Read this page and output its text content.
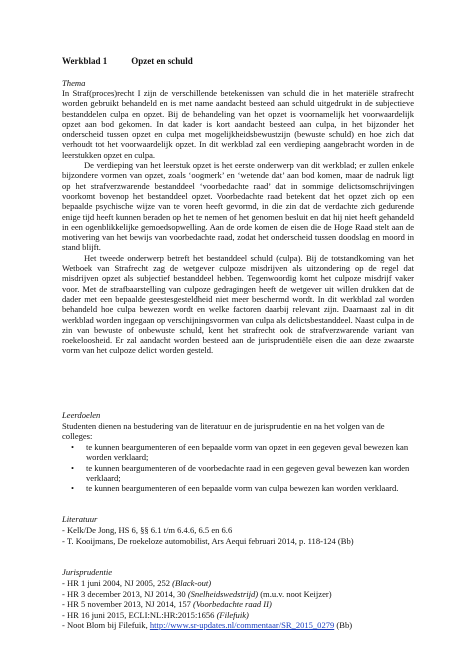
Werkblad 1	Opzet en schuld
Thema

In Straf(proces)recht I zijn de verschillende betekenissen van schuld die in het materiële strafrecht worden gebruikt behandeld en is met name aandacht besteed aan schuld uitgedrukt in de subjectieve bestanddelen culpa en opzet. Bij de behandeling van het opzet is voornamelijk het voorwaardelijk opzet aan bod gekomen. In dat kader is kort aandacht besteed aan culpa, in het bijzonder het onderscheid tussen opzet en culpa met mogelijkheidsbewustzijn (bewuste schuld) en hoe zich dat verhoudt tot het voorwaardelijk opzet. In dit werkblad zal een verdieping aangebracht worden in de leerstukken opzet en culpa.

De verdieping van het leerstuk opzet is het eerste onderwerp van dit werkblad; er zullen enkele bijzondere vormen van opzet, zoals ‘oogmerk’ en ‘wetende dat’ aan bod komen, maar de nadruk ligt op het strafverzwarende bestanddeel ‘voorbedachte raad’ dat in sommige delictsomschrijvingen voorkomt bovenop het bestanddeel opzet. Voorbedachte raad betekent dat het opzet zich op een bepaalde psychische wijze van te voren heeft gevormd, in die zin dat de verdachte zich gedurende enige tijd heeft kunnen beraden op het te nemen of het genomen besluit en dat hij niet heeft gehandeld in een ogenblikkelijke gemoedsopwelling. Aan de orde komen de eisen die de Hoge Raad stelt aan de motivering van het bewijs van voorbedachte raad, zodat het onderscheid tussen doodslag en moord in stand blijft.

Het tweede onderwerp betreft het bestanddeel schuld (culpa). Bij de totstandkoming van het Wetboek van Strafrecht zag de wetgever culpoze misdrijven als uitzondering op de regel dat misdrijven opzet als subjectief bestanddeel hebben. Tegenwoordig komt het culpoze misdrijf vaker voor. Met de strafbaarstelling van culpoze gedragingen heeft de wetgever uit willen drukken dat de dader met een bepaalde geestesgesteldheid niet meer beschermd wordt. In dit werkblad zal worden behandeld hoe culpa bewezen wordt en welke factoren daarbij relevant zijn. Daarnaast zal in dit werkblad worden ingegaan op verschijningsvormen van culpa als delictsbestanddeel. Naast culpa in de zin van bewuste of onbewuste schuld, kent het strafrecht ook de strafverzwarende variant van roekeloosheid. Er zal aandacht worden besteed aan de jurisprudentiële eisen die aan deze zwaarste vorm van het culpoze delict worden gesteld.

Leerdoelen
Studenten dienen na bestudering van de literatuur en de jurisprudentie en na het volgen van de colleges:
• te kunnen beargumenteren of een bepaalde vorm van opzet in een gegeven geval bewezen kan worden verklaard;
• te kunnen beargumenteren of de voorbedachte raad in een gegeven geval bewezen kan worden verklaard;
• te kunnen beargumenteren of een bepaalde vorm van culpa bewezen kan worden verklaard.
Literatuur
- Kelk/De Jong, HS 6, §§ 6.1 t/m 6.4.6, 6.5 en 6.6
- T. Kooijmans, De roekeloze automobilist, Ars Aequi februari 2014, p. 118-124 (Bb)
Jurisprudentie
- HR 1 juni 2004, NJ 2005, 252 (Black-out)
- HR 3 december 2013, NJ 2014, 30 (Snelheidswedstrijd) (m.u.v. noot Keijzer)
- HR 5 november 2013, NJ 2014, 157 (Voorbedachte raad II)
- HR 16 juni 2015, ECLI:NL:HR:2015:1656 (Filefuik)
- Noot Blom bij Filefuik, http://www.sr-updates.nl/commentaar/SR_2015_0279 (Bb)
